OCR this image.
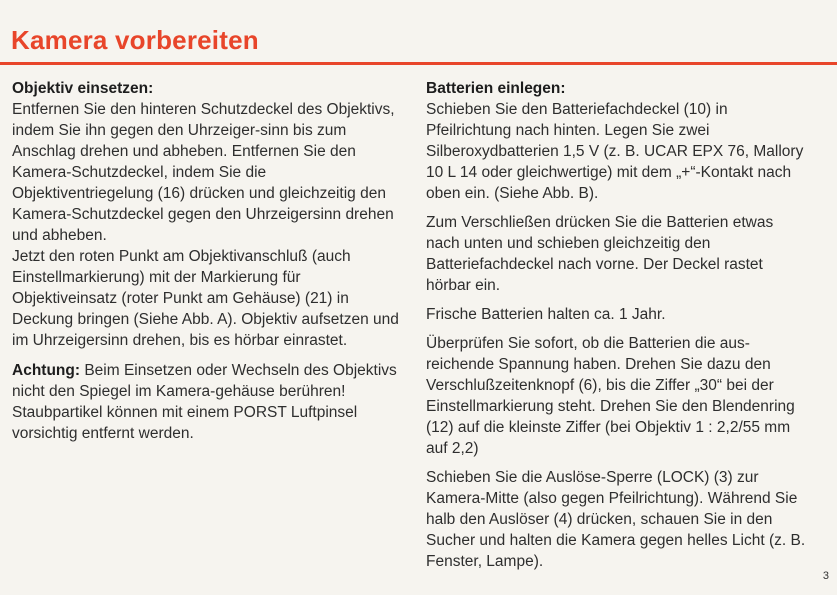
Kamera vorbereiten

Objektiv einsetzen:

Entfernen Sie den hinteren Schutzdeckel des Objektivs, indem Sie ihn gegen den Uhrzeiger-sinn bis zum Anschlag drehen und abheben. Entfernen Sie den Kamera-Schutzdeckel, indem Sie die Objektiventriegelung (16) drücken und gleichzeitig den Kamera-Schutzdeckel gegen den Uhrzeigersinn drehen und abheben.

Jetzt den roten Punkt am Objektivanschluß (auch Einstellmarkierung) mit der Markierung für Objektiveinsatz (roter Punkt am Gehäuse) (21) in Deckung bringen (Siehe Abb. A). Objektiv aufsetzen und im Uhrzeigersinn drehen, bis es hörbar einrastet.

Achtung: Beim Einsetzen oder Wechseln des Objektivs nicht den Spiegel im Kamera-gehäuse berühren! Staubpartikel können mit einem PORST Luftpinsel vorsichtig entfernt werden.

Batterien einlegen:

Schieben Sie den Batteriefachdeckel (10) in Pfeilrichtung nach hinten. Legen Sie zwei Silberoxydbatterien 1,5 V (z. B. UCAR EPX 76, Mallory 10 L 14 oder gleichwertige) mit dem „+“-Kontakt nach oben ein. (Siehe Abb. B).

Zum Verschließen drücken Sie die Batterien etwas nach unten und schieben gleichzeitig den Batteriefachdeckel nach vorne. Der Deckel rastet hörbar ein.

Frische Batterien halten ca. 1 Jahr.

Überprüfen Sie sofort, ob die Batterien die aus-reichende Spannung haben. Drehen Sie dazu den Verschlußzeitenknopf (6), bis die Ziffer „30“ bei der Einstellmarkierung steht. Drehen Sie den Blendenring (12) auf die kleinste Ziffer (bei Objektiv 1 : 2,2/55 mm auf 2,2)

Schieben Sie die Auslöse-Sperre (LOCK) (3) zur Kamera-Mitte (also gegen Pfeilrichtung). Während Sie halb den Auslöser (4) drücken, schauen Sie in den Sucher und halten die Kamera gegen helles Licht (z. B. Fenster, Lampe).

3
